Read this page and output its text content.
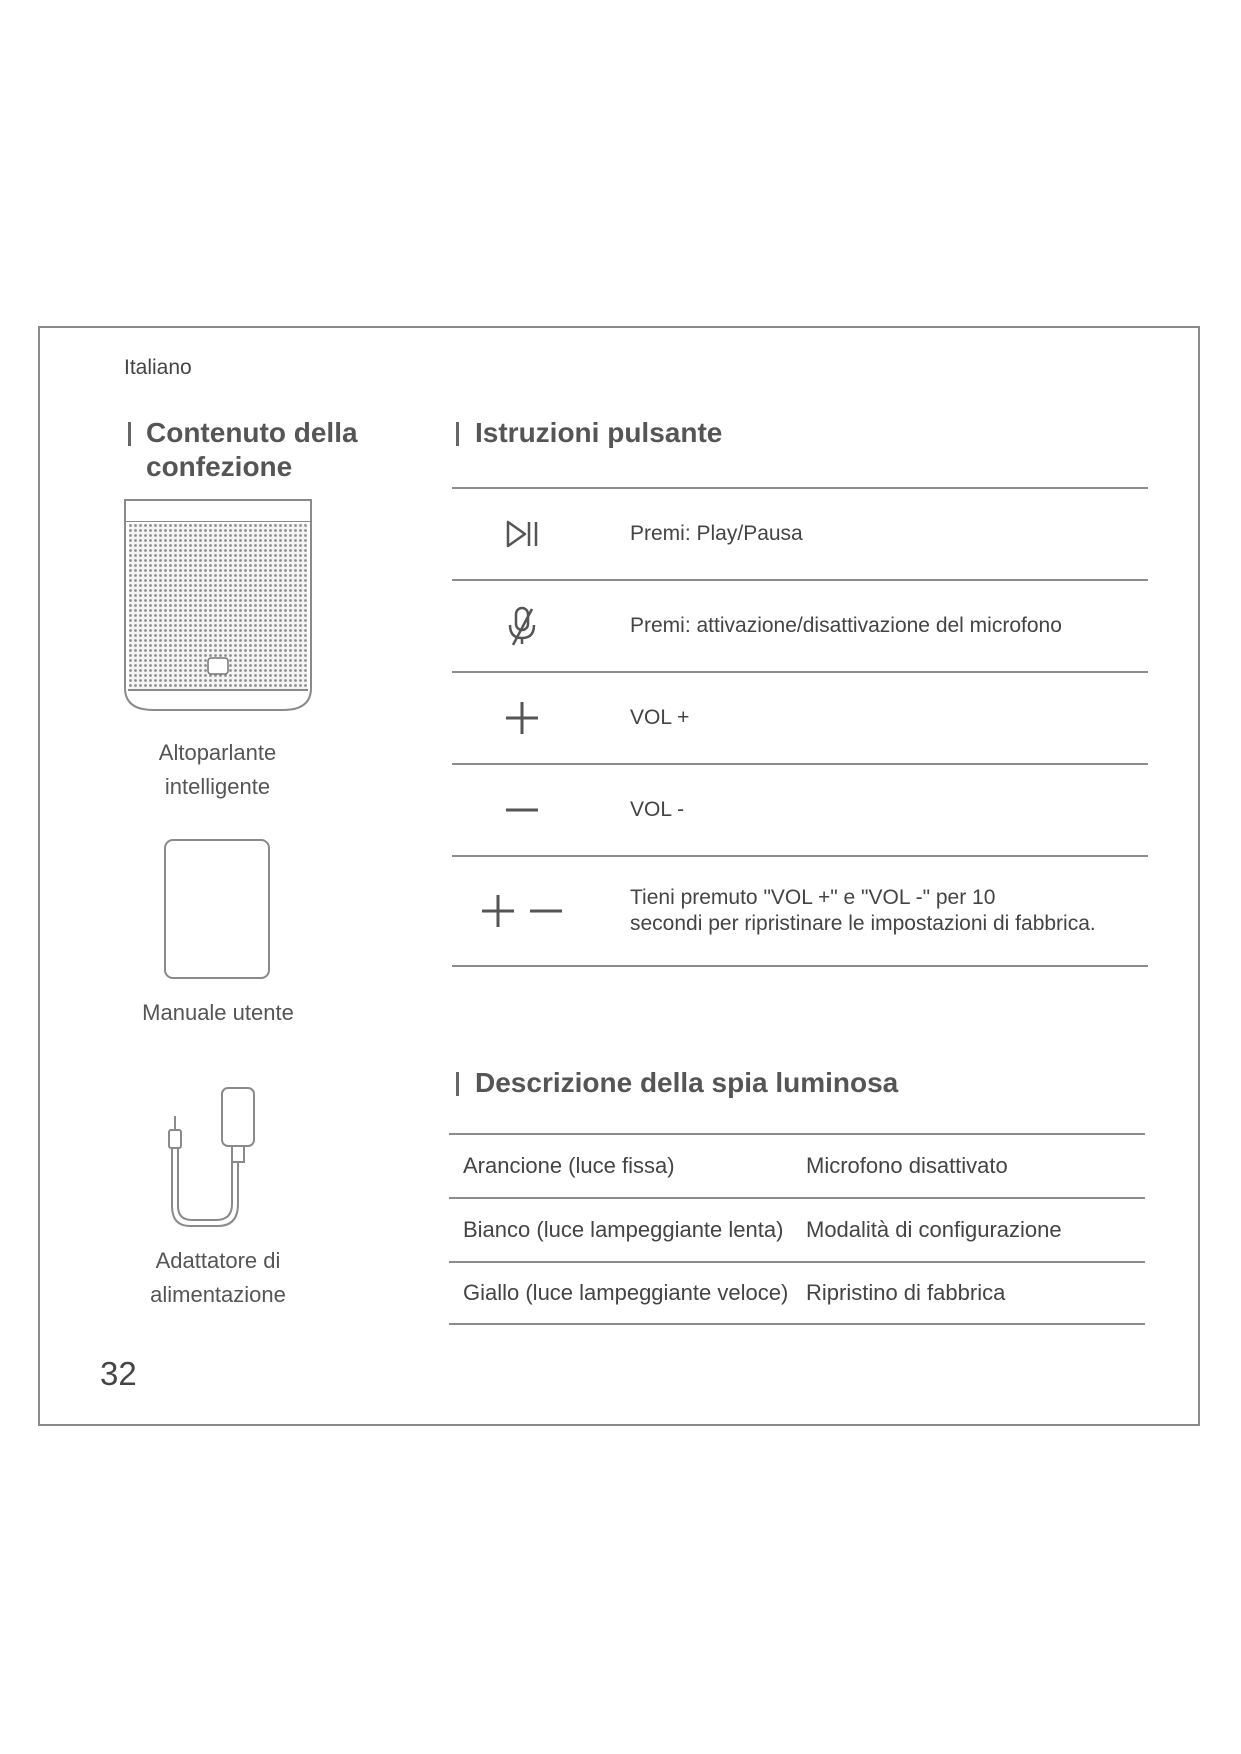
Italiano
Contenuto della confezione
Altoparlante intelligente
Manuale utente
Adattatore di alimentazione
Istruzioni pulsante
Premi: Play/Pausa
Premi: attivazione/disattivazione del microfono
VOL +
VOL -
Tieni premuto "VOL +" e "VOL -" per 10
secondi per ripristinare le impostazioni di fabbrica.
Descrizione della spia luminosa
Arancione (luce fissa)	Microfono disattivato
Bianco (luce lampeggiante lenta) Modalità di configurazione
Giallo (luce lampeggiante veloce) Ripristino di fabbrica
32
